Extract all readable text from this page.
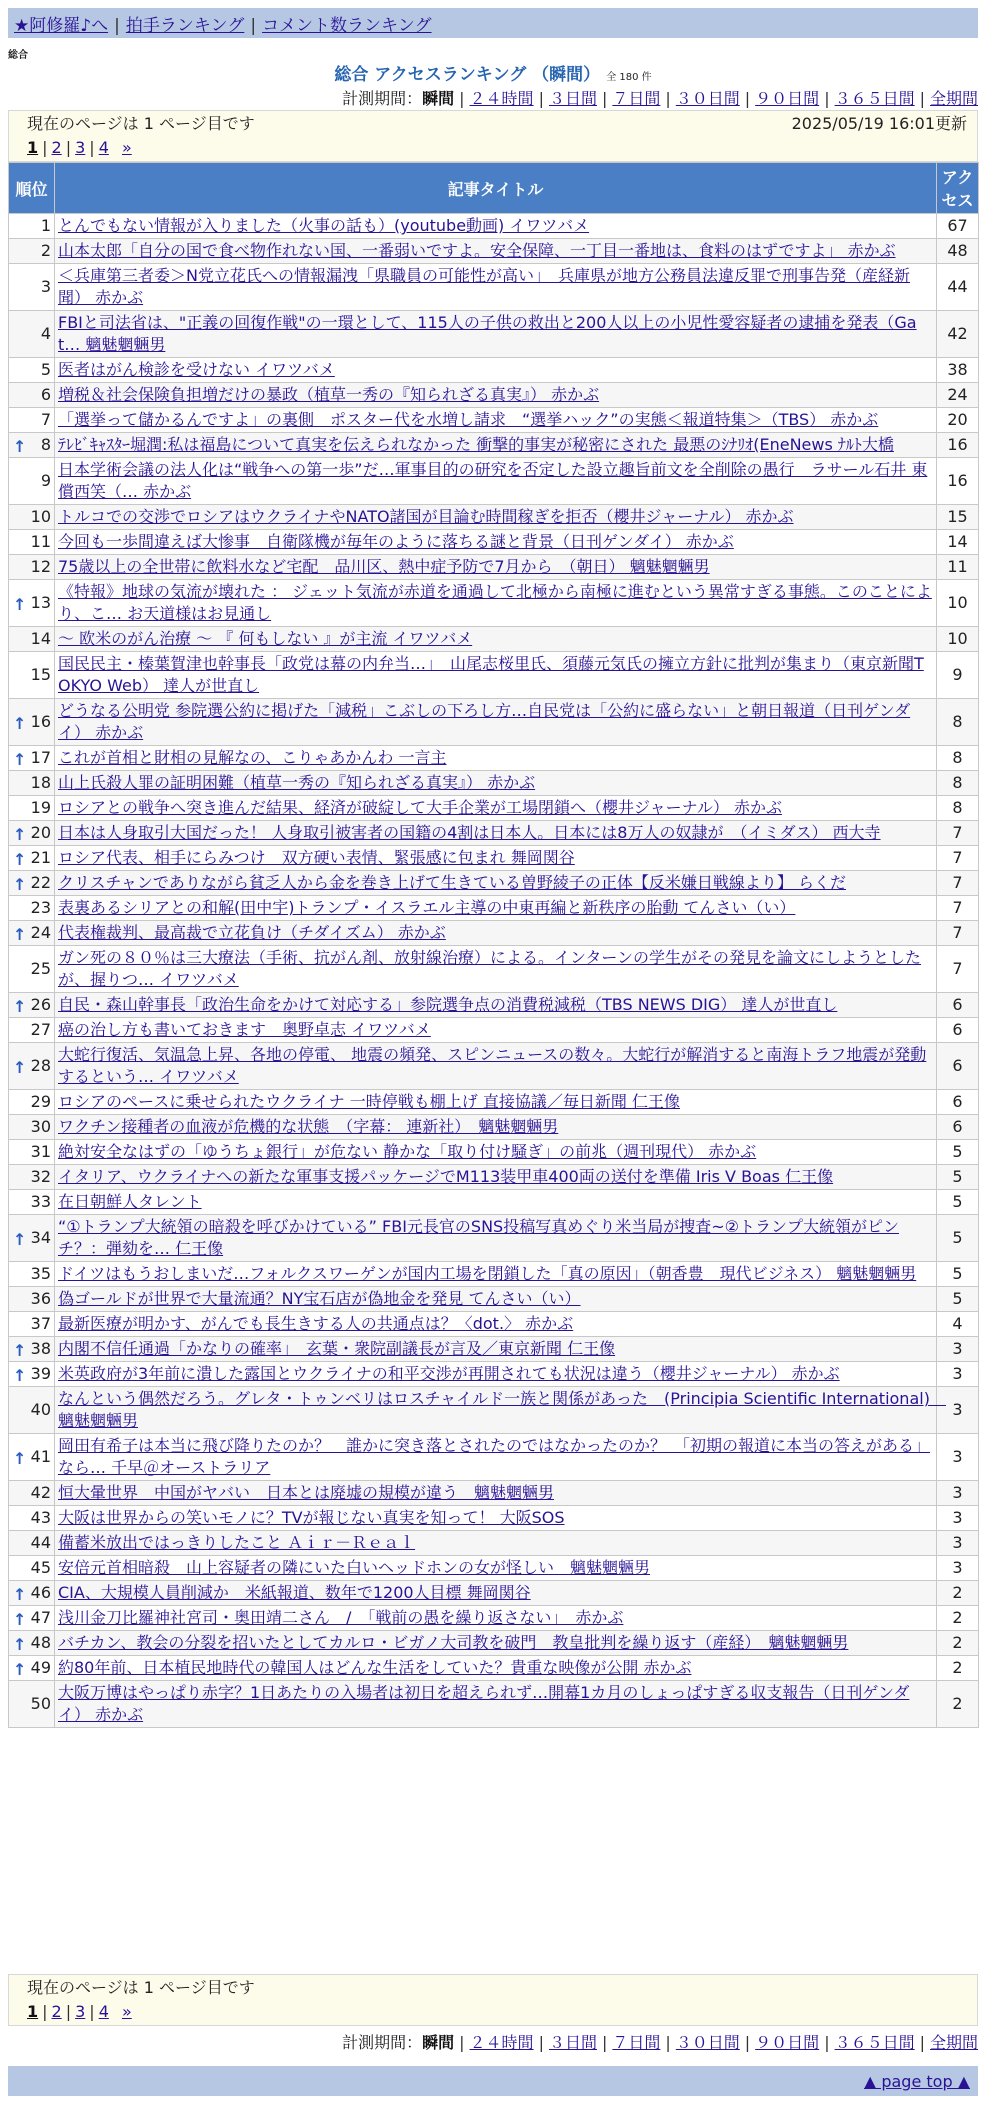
★阿修羅♪へ | 拍手ランキング | コメント数ランキング
総合
総合 アクセスランキング （瞬間） 全 180 件
計測期間：瞬間 | ２４時間 | ３日間 | ７日間 | ３０日間 | ９０日間 | ３６５日間 | 全期間
現在のページは 1 ページ目です	2025/05/19 16:01更新
1 | 2 | 3 | 4 »
順位	記事タイトル	アクセス
1	とんでもない情報が入りました（火事の話も）(youtube動画) イワツバメ	67
2	山本太郎「自分の国で食べ物作れない国、一番弱いですよ。安全保障、一丁目一番地は、食料のはずですよ」 赤かぶ	48
3	＜兵庫第三者委＞N党立花氏への情報漏洩「県職員の可能性が高い」　兵庫県が地方公務員法違反罪で刑事告発（産経新聞） 赤かぶ	44
4	FBIと司法省は、"正義の回復作戦"の一環として、115人の子供の救出と200人以上の小児性愛容疑者の逮捕を発表（Gat… 魑魅魍魎男	42
5	医者はがん検診を受けない イワツバメ	38
6	増税＆社会保険負担増だけの暴政（植草一秀の『知られざる真実』） 赤かぶ	24
7	「選挙って儲かるんですよ」の裏側　ポスター代を水増し請求　“選挙ハック”の実態＜報道特集＞（TBS） 赤かぶ	20

↑ 8	ﾃﾚﾋﾞｷｬｽﾀｰ堀潤:私は福島について真実を伝えられなかった 衝撃的事実が秘密にされた 最悪のｼﾅﾘｵ(EneNews ﾅﾙﾄ大橋	16
9	日本学術会議の法人化は“戦争への第一歩”だ…軍事目的の研究を否定した設立趣旨前文を全削除の愚行　ラサール石井 東償西笑（… 赤かぶ	16
10	トルコでの交渉でロシアはウクライナやNATO諸国が目論む時間稼ぎを拒否（櫻井ジャーナル） 赤かぶ	15
11	今回も一歩間違えば大惨事　自衛隊機が毎年のように落ちる謎と背景（日刊ゲンダイ） 赤かぶ	14
12	75歳以上の全世帯に飲料水など宅配　品川区、熱中症予防で7月から　（朝日） 魑魅魍魎男	11

↑ 13	《特報》地球の気流が壊れた ： ジェット気流が赤道を通過して北極から南極に進むという異常すぎる事態。このことにより、こ… お天道様はお見通し	10
14	～ 欧米のがん治療 ～ 『 何もしない 』が主流 イワツバメ	10
15	国民民主・榛葉賀津也幹事長「政党は幕の内弁当…」　山尾志桜里氏、須藤元気氏の擁立方針に批判が集まり（東京新聞TOKYO Web） 達人が世直し	9

↑ 16	どうなる公明党 参院選公約に掲げた「減税」こぶしの下ろし方…自民党は「公約に盛らない」と朝日報道（日刊ゲンダイ） 赤かぶ	8

↑ 17	これが首相と財相の見解なの、こりゃあかんわ 一言主	8
18	山上氏殺人罪の証明困難（植草一秀の『知られざる真実』） 赤かぶ	8
19	ロシアとの戦争へ突き進んだ結果、経済が破綻して大手企業が工場閉鎖へ（櫻井ジャーナル） 赤かぶ	8

↑ 20	日本は人身取引大国だった！ 人身取引被害者の国籍の4割は日本人。日本には8万人の奴隷が　（イミダス） 西大寺	7

↑ 21	ロシア代表、相手にらみつけ　双方硬い表情、緊張感に包まれ 舞岡関谷	7

↑ 22	クリスチャンでありながら貧乏人から金を巻き上げて生きている曽野綾子の正体【反米嫌日戦線より】 らくだ	7
23	表裏あるシリアとの和解(田中宇)トランプ・イスラエル主導の中東再編と新秩序の胎動 てんさい（い）	7

↑ 24	代表権裁判、最高裁で立花負け（チダイズム） 赤かぶ	7
25	ガン死の８０％は三大療法（手術、抗がん剤、放射線治療）による。インターンの学生がその発見を論文にしようとしたが、握りつ… イワツバメ	7

↑ 26	自民・森山幹事長「政治生命をかけて対応する」参院選争点の消費税減税（TBS NEWS DIG） 達人が世直し	6
27	癌の治し方も書いておきます　奥野卓志 イワツバメ	6

↑ 28	大蛇行復活、気温急上昇、各地の停電、 地震の頻発、スピンニュースの数々。大蛇行が解消すると南海トラフ地震が発動するという… イワツバメ	6
29	ロシアのペースに乗せられたウクライナ 一時停戦も棚上げ 直接協議／毎日新聞 仁王像	6
30	ワクチン接種者の血液が危機的な状態　（字幕： 連新社）　魑魅魍魎男	6
31	絶対安全なはずの「ゆうちょ銀行」が危ない 静かな「取り付け騒ぎ」の前兆（週刊現代） 赤かぶ	5
32	イタリア、ウクライナへの新たな軍事支援パッケージでM113装甲車400両の送付を準備 Iris V Boas 仁王像	5
33	在日朝鮮人タレント	5

↑ 34	“①トランプ大統領の暗殺を呼びかけている” FBI元長官のSNS投稿写真めぐり米当局が捜査~②トランプ大統領がピンチ？：弾劾を… 仁王像	5
35	ドイツはもうおしまいだ…フォルクスワーゲンが国内工場を閉鎖した「真の原因」（朝香豊　現代ビジネス） 魑魅魍魎男	5
36	偽ゴールドが世界で大量流通？NY宝石店が偽地金を発見 てんさい（い）	5
37	最新医療が明かす、がんでも長生きする人の共通点は？〈dot.〉 赤かぶ	4

↑ 38	内閣不信任通過「かなりの確率」　玄葉・衆院副議長が言及／東京新聞 仁王像	3

↑ 39	米英政府が3年前に潰した露国とウクライナの和平交渉が再開されても状況は違う（櫻井ジャーナル） 赤かぶ	3
40	なんという偶然だろう。グレタ・トゥンベリはロスチャイルド一族と関係があった　(Principia Scientific International)　魑魅魍魎男	3

↑ 41	岡田有希子は本当に飛び降りたのか？　誰かに突き落とされたのではなかったのか？　「初期の報道に本当の答えがある」なら… 千早＠オーストラリア	3
42	恒大暈世界　中国がヤバい　日本とは廃墟の規模が違う　魑魅魍魎男	3
43	大阪は世界からの笑いモノに？TVが報じない真実を知って！ 大阪SOS	3
44	備蓄米放出ではっきりしたこと Ａｉｒ－Ｒｅａｌ	3
45	安倍元首相暗殺　山上容疑者の隣にいた白いヘッドホンの女が怪しい　魑魅魍魎男	3

↑ 46	CIA、大規模人員削減か　米紙報道、数年で1200人目標 舞岡関谷	2

↑ 47	浅川金刀比羅神社宮司・奥田靖二さん　/　「戦前の愚を繰り返さない」　赤かぶ	2

↑ 48	バチカン、教会の分裂を招いたとしてカルロ・ビガノ大司教を破門　教皇批判を繰り返す（産経）　魑魅魍魎男	2

↑ 49	約80年前、日本植民地時代の韓国人はどんな生活をしていた？貴重な映像が公開 赤かぶ	2
50	大阪万博はやっぱり赤字？1日あたりの入場者は初日を超えられず…開幕1カ月のしょっぱすぎる収支報告（日刊ゲンダイ） 赤かぶ	2
現在のページは 1 ページ目です
1 | 2 | 3 | 4 »
計測期間：瞬間 | ２４時間 | ３日間 | ７日間 | ３０日間 | ９０日間 | ３６５日間 | 全期間
▲ page top ▲
